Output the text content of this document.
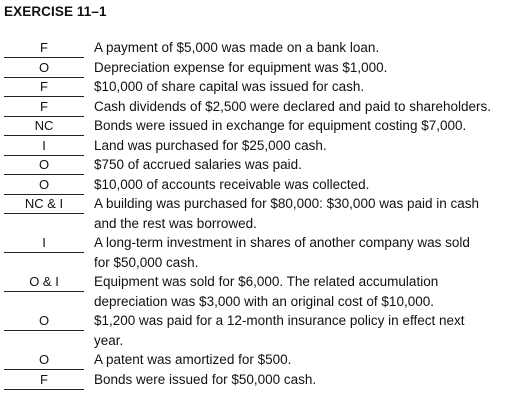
EXERCISE 11–1
F	A payment of $5,000 was made on a bank loan.
O	Depreciation expense for equipment was $1,000.
F	$10,000 of share capital was issued for cash.
F	Cash dividends of $2,500 were declared and paid to shareholders.
NC	Bonds were issued in exchange for equipment costing $7,000.
I	Land was purchased for $25,000 cash.
O	$750 of accrued salaries was paid.
O	$10,000 of accounts receivable was collected.
NC & I	A building was purchased for $80,000: $30,000 was paid in cash
and the rest was borrowed.
I	A long-term investment in shares of another company was sold
for $50,000 cash.
O & I	Equipment was sold for $6,000. The related accumulation
depreciation was $3,000 with an original cost of $10,000.
O	$1,200 was paid for a 12-month insurance policy in effect next
year.
O	A patent was amortized for $500.
F	Bonds were issued for $50,000 cash.
